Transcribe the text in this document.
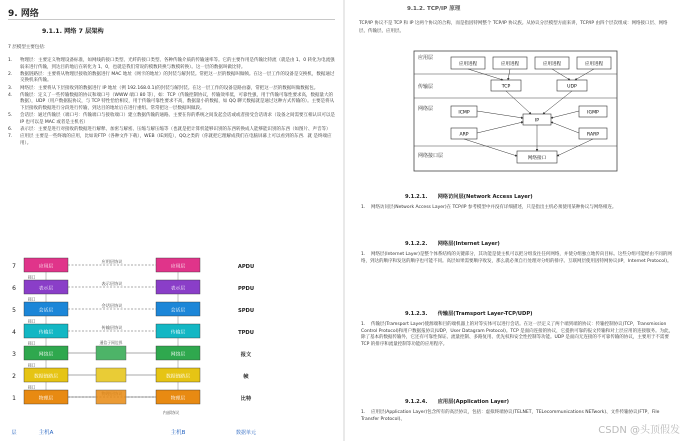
9. 网络
9.1.1. 网络 7 层架构
7 层模型主要包括：
1.	物理层：主要定义物理设备标准，如网线的接口类型、光纤的接口类型、各种传输介质的传输速率等。它的主要作用是传输比特流（就是由 1、0 转化为电流强弱来进行传输，到达目的地后在转化为 1、0，也就是我们常说的模数转换与数模转换）。这一层的数据叫做比特。
2.	数据链路层：主要将从物理层接收的数据进行 MAC 地址（网卡的地址）的封装与解封装。常把这一层的数据叫做帧。在这一层工作的设备是交换机，数据通过交换机来传输。
3.	网络层：主要将从下层接收到的数据进行 IP 地址（例 192.168.0.1)的封装与解封装。在这一层工作的设备是路由器，常把这一层的数据叫做数据包。
4.	传输层：定义了一些传输数据的协议和端口号（WWW 端口 80 等），如：TCP（传输控制协议，传输效率低，可靠性强，用于传输可靠性要求高，数据量大的数据），UDP（用户数据报协议，与 TCP 特性恰恰相反，用于传输可靠性要求不高，数据量小的数据，如 QQ 聊天数据就是通过这种方式传输的）。主要是将从下层接收的数据进行分段进行传输，到达目的地址后在进行重组。常常把这一层数据叫做段。
5.	会话层：通过传输层（端口号：传输端口与接收端口）建立数据传输的通路。主要在你的系统之间发起会话或或者接受会话请求（设备之间需要互相认识可以是 IP 也可以是 MAC 或者是主机名）
6.	表示层：主要是进行对接收的数据进行解释、加密与解密、压缩与解压缩等（也就是把计算机能够识别的东西转换成人能够能识别的东西（如图片、声音等）
7.	应用层 主要是一些终端的应用，比如说FTP（各种文件下载），WEB（IE浏览），QQ之类的（你就把它理解成我们在电脑屏幕上可以看到的东西．就 是终端应用）。
7	应用层	应用层
应用层协议
APDU
接口
6	表示层	表示层
表示层协议
PPDU
接口
5	会话层	会话层
会话层协议
SPDU
接口
4	传输层	传输层
传输层协议
TPDU
接口
3	网络层	网络层	报文
接口
2	数据链路层	数据链路层	帧
接口
1	物理层	物理层	比特
通信子网边界
主机A	主机B
层	数据单元
内部协议
9.1.2. TCP/IP 原理
TCP/IP 协议不是 TCP 和 IP 这两个协议的合称，而是指因特网整个 TCP/IP 协议族。从协议分层模型方面来讲，TCP/IP 由四个层次组成：网络接口层、网络层、传输层、应用层。
应用层
传输层
网络层
网络接口层
应用进程	应用进程	应用进程	应用进程
TCP	UDP
ICMP
IP
IGMP
ARP	RARP
网络接口
9.1.2.1.　　网络访问层(Network Access Layer)
1. 网络访问层(Network Access Layer)在 TCP/IP 参考模型中并没有详细描述，只是指出主机必须使用某种协议与网络相连。
9.1.2.2.　　网络层(Internet Layer)
1. 网络层(Internet Layer)是整个体系结构的关键部分，其功能是使主机可以把分组发往任何网络，并使分组独立地传向目标。这些分组可能经由不同的网络，到达的顺序和发送的顺序也可能不同。高层如果需要顺序收发，那么就必须自行处理对分组的排序。互联网层使用因特网协议(IP，Internet Protocol)。
9.1.2.3.　　传输层(Tramsport Layer-TCP/UDP)
1. 传输层(Tramsport Layer)使源端和目的端机器上的对等实体可以进行会话。在这一层定义了两个端到端的协议：传输控制协议(TCP，Transmission Control Protocol)和用户数据报协议(UDP，User Datagram Protocol)。TCP 是面向连接的协议，它提供可靠的报文传输和对上层应用的连接服务。为此，除了基本的数据传输外，它还有可靠性保证、流量控制、多路复用、优先权和安全性控制等功能。UDP 是面向无连接的不可靠传输的协议，主要用于不需要 TCP 的排序和流量控制等功能的应用程序。
9.1.2.4.　　应用层(Application Layer)
1. 应用层(Application Layer)包含所有的高层协议，包括：虚拟终端协议(TELNET，TELecommunications NETwork)、文件传输协议(FTP，File Transfer Protocol)、
CSDN @头顶假发
